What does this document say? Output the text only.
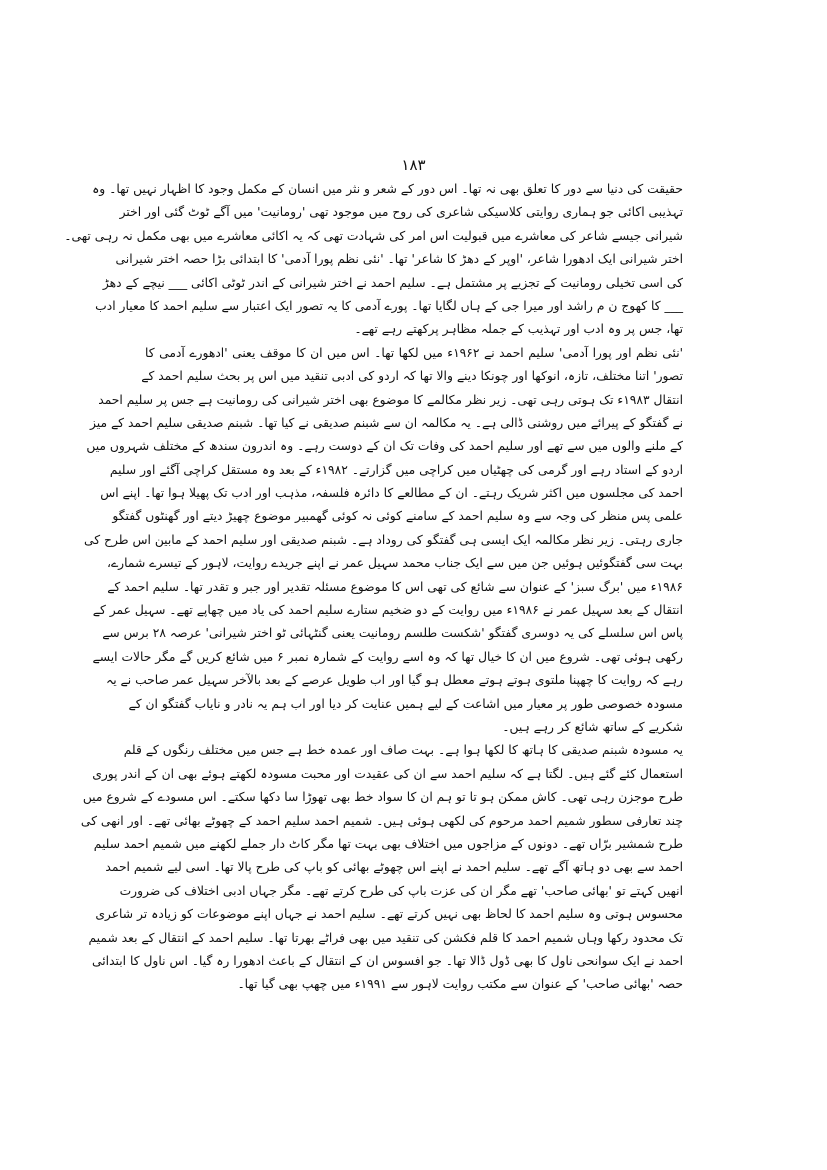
١٨٣
حقیقت کی دنیا سے دور کا تعلق بھی نہ تھا۔ اس دور کے شعر و نثر میں انسان کے مکمل وجود کا اظہار نہیں تھا۔ وہ
تہذیبی اکائی جو ہماری روایتی کلاسیکی شاعری کی روح میں موجود تھی 'رومانیت' میں آگے ٹوٹ گئی اور اختر
شیرانی جیسے شاعر کی معاشرے میں قبولیت اس امر کی شہادت تھی کہ یہ اکائی معاشرے میں بھی مکمل نہ رہی تھی۔
اختر شیرانی ایک ادھورا شاعر، 'اوپر کے دھڑ کا شاعر' تھا۔ 'نئی نظم پورا آدمی' کا ابتدائی بڑا حصہ اختر شیرانی
کی اسی تخیلی رومانیت کے تجزیے پر مشتمل ہے۔ سلیم احمد نے اختر شیرانی کے اندر ٹوٹی اکائی ___ نیچے کے دھڑ
___ کا کھوج ن م راشد اور میرا جی کے ہاں لگایا تھا۔ پورے آدمی کا یہ تصور ایک اعتبار سے سلیم احمد کا معیار ادب
تھا، جس پر وہ ادب اور تہذیب کے جملہ مظاہر پرکھتے رہے تھے۔
'نئی نظم اور پورا آدمی' سلیم احمد نے ۱۹۶۲ء میں لکھا تھا۔ اس میں ان کا موقف یعنی 'ادھورے آدمی کا
تصور' اتنا مختلف، تازہ، انوکھا اور چونکا دینے والا تھا کہ اردو کی ادبی تنقید میں اس پر بحث سلیم احمد کے
انتقال ۱۹۸۳ء تک ہوتی رہی تھی۔ زیر نظر مکالمے کا موضوع بھی اختر شیرانی کی رومانیت ہے جس پر سلیم احمد
نے گفتگو کے پیرائے میں روشنی ڈالی ہے۔ یہ مکالمہ ان سے شبنم صدیقی نے کیا تھا۔ شبنم صدیقی سلیم احمد کے میز
کے ملنے والوں میں سے تھے اور سلیم احمد کی وفات تک ان کے دوست رہے۔ وہ اندرون سندھ کے مختلف شہروں میں
اردو کے استاد رہے اور گرمی کی چھٹیاں میں کراچی میں گزارتے۔ ۱۹۸۲ء کے بعد وہ مستقل کراچی آگئے اور سلیم
احمد کی مجلسوں میں اکثر شریک رہتے۔ ان کے مطالعے کا دائرہ فلسفہ، مذہب اور ادب تک پھیلا ہوا تھا۔ اپنے اس
علمی پس منظر کی وجہ سے وہ سلیم احمد کے سامنے کوئی نہ کوئی گھمبیر موضوع چھیڑ دیتے اور گھنٹوں گفتگو
جاری رہتی۔ زیر نظر مکالمہ ایک ایسی ہی گفتگو کی روداد ہے۔ شبنم صدیقی اور سلیم احمد کے مابین اس طرح کی
بہت سی گفتگوئیں ہوئیں جن میں سے ایک جناب محمد سہیل عمر نے اپنے جریدے روایت، لاہور کے تیسرے شمارے،
۱۹۸۶ء میں 'برگ سبز' کے عنوان سے شائع کی تھی اس کا موضوع مسئلہ تقدیر اور جبر و تقدر تھا۔ سلیم احمد کے
انتقال کے بعد سہیل عمر نے ۱۹۸۶ء میں روایت کے دو ضخیم ستارے سلیم احمد کی یاد میں چھاپے تھے۔ سہیل عمر کے
پاس اس سلسلے کی یہ دوسری گفتگو 'شکست طلسم رومانیت یعنی گنٹہائی ٹو اختر شیرانی' عرصہ ۲۸ برس سے
رکھی ہوئی تھی۔ شروع میں ان کا خیال تھا کہ وہ اسے روایت کے شمارہ نمبر ۶ میں شائع کریں گے مگر حالات ایسے
رہے کہ روایت کا چھپنا ملتوی ہوتے ہوتے معطل ہو گیا اور اب طویل عرصے کے بعد بالآخر سہیل عمر صاحب نے یہ
مسودہ خصوصی طور پر معیار میں اشاعت کے لیے ہمیں عنایت کر دیا اور اب ہم یہ نادر و نایاب گفتگو ان کے
شکریے کے ساتھ شائع کر رہے ہیں۔
یہ مسودہ شبنم صدیقی کا ہاتھ کا لکھا ہوا ہے۔ بہت صاف اور عمدہ خط ہے جس میں مختلف رنگوں کے قلم
استعمال کئے گئے ہیں۔ لگتا ہے کہ سلیم احمد سے ان کی عقیدت اور محبت مسودہ لکھتے ہوئے بھی ان کے اندر پوری
طرح موجزن رہی تھی۔ کاش ممکن ہو تا تو ہم ان کا سواد خط بھی تھوڑا سا دکھا سکتے۔ اس مسودے کے شروع میں
چند تعارفی سطور شمیم احمد مرحوم کی لکھی ہوئی ہیں۔ شمیم احمد سلیم احمد کے چھوٹے بھائی تھے۔ اور انھی کی
طرح شمشیر برّاں تھے۔ دونوں کے مزاجوں میں اختلاف بھی بہت تھا مگر کاٹ دار جملے لکھنے میں شمیم احمد سلیم
احمد سے بھی دو ہاتھ آگے تھے۔ سلیم احمد نے اپنے اس چھوٹے بھائی کو باپ کی طرح پالا تھا۔ اسی لیے شمیم احمد
انھیں کہتے تو 'بھائی صاحب' تھے مگر ان کی عزت باپ کی طرح کرتے تھے۔ مگر جہاں ادبی اختلاف کی ضرورت
محسوس ہوتی وہ سلیم احمد کا لحاظ بھی نہیں کرتے تھے۔ سلیم احمد نے جہاں اپنے موضوعات کو زیادہ تر شاعری
تک محدود رکھا وہاں شمیم احمد کا قلم فکشن کی تنقید میں بھی فراٹے بھرتا تھا۔ سلیم احمد کے انتقال کے بعد شمیم
احمد نے ایک سوانحی ناول کا بھی ڈول ڈالا تھا۔ جو افسوس ان کے انتقال کے باعث ادھورا رہ گیا۔ اس ناول کا ابتدائی
حصہ 'بھائی صاحب' کے عنوان سے مکتب روایت لاہور سے ۱۹۹۱ء میں چھپ بھی گیا تھا۔
